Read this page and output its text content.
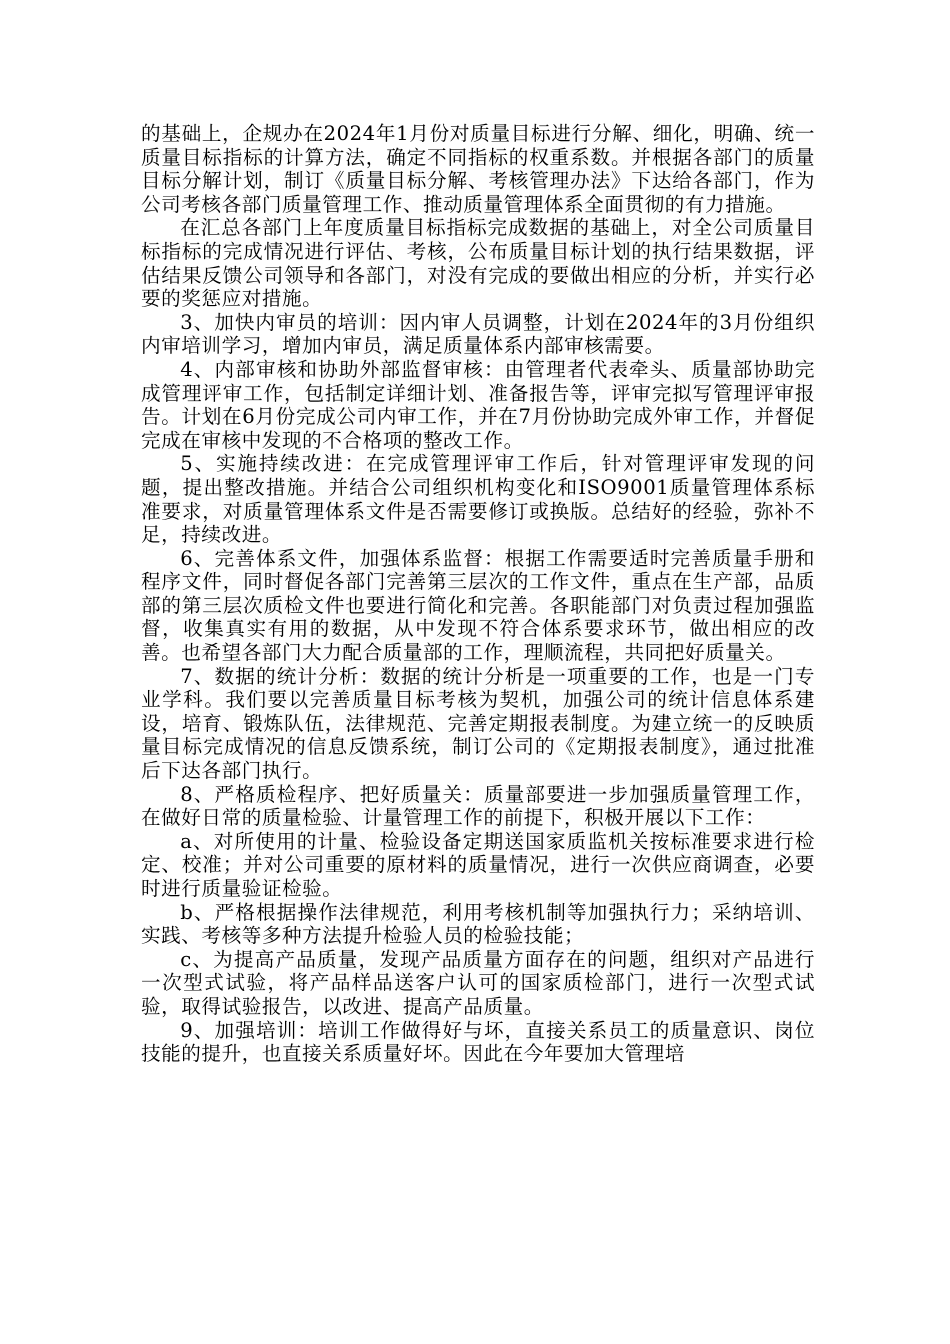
的基础上，企规办在2024年1月份对质量目标进行分解、细化，明确、统一质量目标指标的计算方法，确定不同指标的权重系数。并根据各部门的质量目标分解计划，制订《质量目标分解、考核管理办法》下达给各部门，作为公司考核各部门质量管理工作、推动质量管理体系全面贯彻的有力措施。

在汇总各部门上年度质量目标指标完成数据的基础上，对全公司质量目标指标的完成情况进行评估、考核，公布质量目标计划的执行结果数据，评估结果反馈公司领导和各部门，对没有完成的要做出相应的分析，并实行必要的奖惩应对措施。

3、加快内审员的培训：因内审人员调整，计划在2024年的3月份组织内审培训学习，增加内审员，满足质量体系内部审核需要。

4、内部审核和协助外部监督审核：由管理者代表牵头、质量部协助完成管理评审工作，包括制定详细计划、准备报告等，评审完拟写管理评审报告。计划在6月份完成公司内审工作，并在7月份协助完成外审工作，并督促完成在审核中发现的不合格项的整改工作。

5、实施持续改进：在完成管理评审工作后，针对管理评审发现的问题，提出整改措施。并结合公司组织机构变化和ISO9001质量管理体系标准要求，对质量管理体系文件是否需要修订或换版。总结好的经验，弥补不足，持续改进。

6、完善体系文件，加强体系监督：根据工作需要适时完善质量手册和程序文件，同时督促各部门完善第三层次的工作文件，重点在生产部，品质部的第三层次质检文件也要进行简化和完善。各职能部门对负责过程加强监督，收集真实有用的数据，从中发现不符合体系要求环节，做出相应的改善。也希望各部门大力配合质量部的工作，理顺流程，共同把好质量关。

7、数据的统计分析：数据的统计分析是一项重要的工作，也是一门专业学科。我们要以完善质量目标考核为契机，加强公司的统计信息体系建设，培育、锻炼队伍，法律规范、完善定期报表制度。为建立统一的反映质量目标完成情况的信息反馈系统，制订公司的《定期报表制度》，通过批准后下达各部门执行。

8、严格质检程序、把好质量关：质量部要进一步加强质量管理工作，在做好日常的质量检验、计量管理工作的前提下，积极开展以下工作：

a、对所使用的计量、检验设备定期送国家质监机关按标准要求进行检定、校准；并对公司重要的原材料的质量情况，进行一次供应商调查，必要时进行质量验证检验。

b、严格根据操作法律规范，利用考核机制等加强执行力；采纳培训、实践、考核等多种方法提升检验人员的检验技能；

c、为提高产品质量，发现产品质量方面存在的问题，组织对产品进行一次型式试验，将产品样品送客户认可的国家质检部门，进行一次型式试验，取得试验报告，以改进、提高产品质量。

9、加强培训：培训工作做得好与坏，直接关系员工的质量意识、岗位技能的提升，也直接关系质量好坏。因此在今年要加大管理培
